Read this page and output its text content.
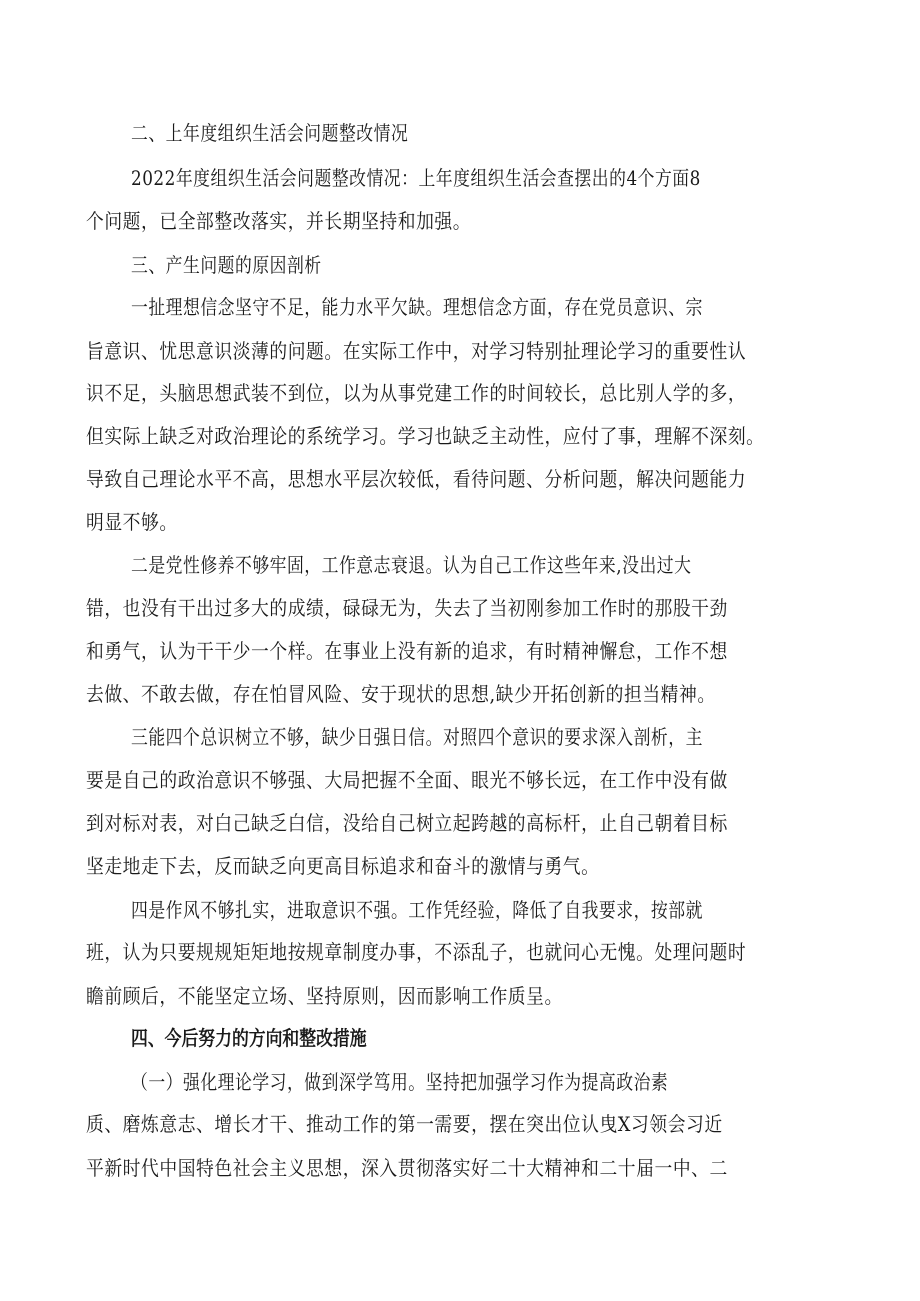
二、上年度组织生活会问题整改情况
2022年度组织生活会问题整改情况：上年度组织生活会查摆出的4个方面8
个问题，已全部整改落实，并长期坚持和加强。
三、产生问题的原因剖析
一扯理想信念坚守不足，能力水平欠缺。理想信念方面，存在党员意识、宗
旨意识、忧思意识淡薄的问题。在实际工作中，对学习特别扯理论学习的重要性认
识不足，头脑思想武装不到位，以为从事党建工作的时间较长，总比别人学的多，
但实际上缺乏对政治理论的系统学习。学习也缺乏主动性，应付了事，理解不深刻。
导致自己理论水平不高，思想水平层次较低，看待问题、分析问题，解决问题能力
明显不够。
二是党性修养不够牢固，工作意志衰退。认为自己工作这些年来,没出过大
错，也没有干出过多大的成绩，碌碌无为，失去了当初刚参加工作时的那股干劲
和勇气，认为干干少一个样。在事业上没有新的追求，有时精神懈怠，工作不想
去做、不敢去做，存在怕冒风险、安于现状的思想,缺少开拓创新的担当精神。
三能四个总识树立不够，缺少日强日信。对照四个意识的要求深入剖析，主
要是自己的政治意识不够强、大局把握不全面、眼光不够长远，在工作中没有做
到对标对表，对白己缺乏白信，没给自己树立起跨越的高标杆，止自己朝着目标
坚走地走下去，反而缺乏向更高目标追求和奋斗的激情与勇气。
四是作风不够扎实，进取意识不强。工作凭经验，降低了自我要求，按部就
班，认为只要规规矩矩地按规章制度办事，不添乱子，也就问心无愧。处理问题时
瞻前顾后，不能坚定立场、坚持原则，因而影响工作质呈。
四、今后努力的方向和整改措施
（一）强化理论学习，做到深学笃用。坚持把加强学习作为提高政治素
质、磨炼意志、增长才干、推动工作的第一需要，摆在突出位认曳X习领会习近
平新时代中国特色社会主义思想，深入贯彻落实好二十大精神和二十届一中、二
